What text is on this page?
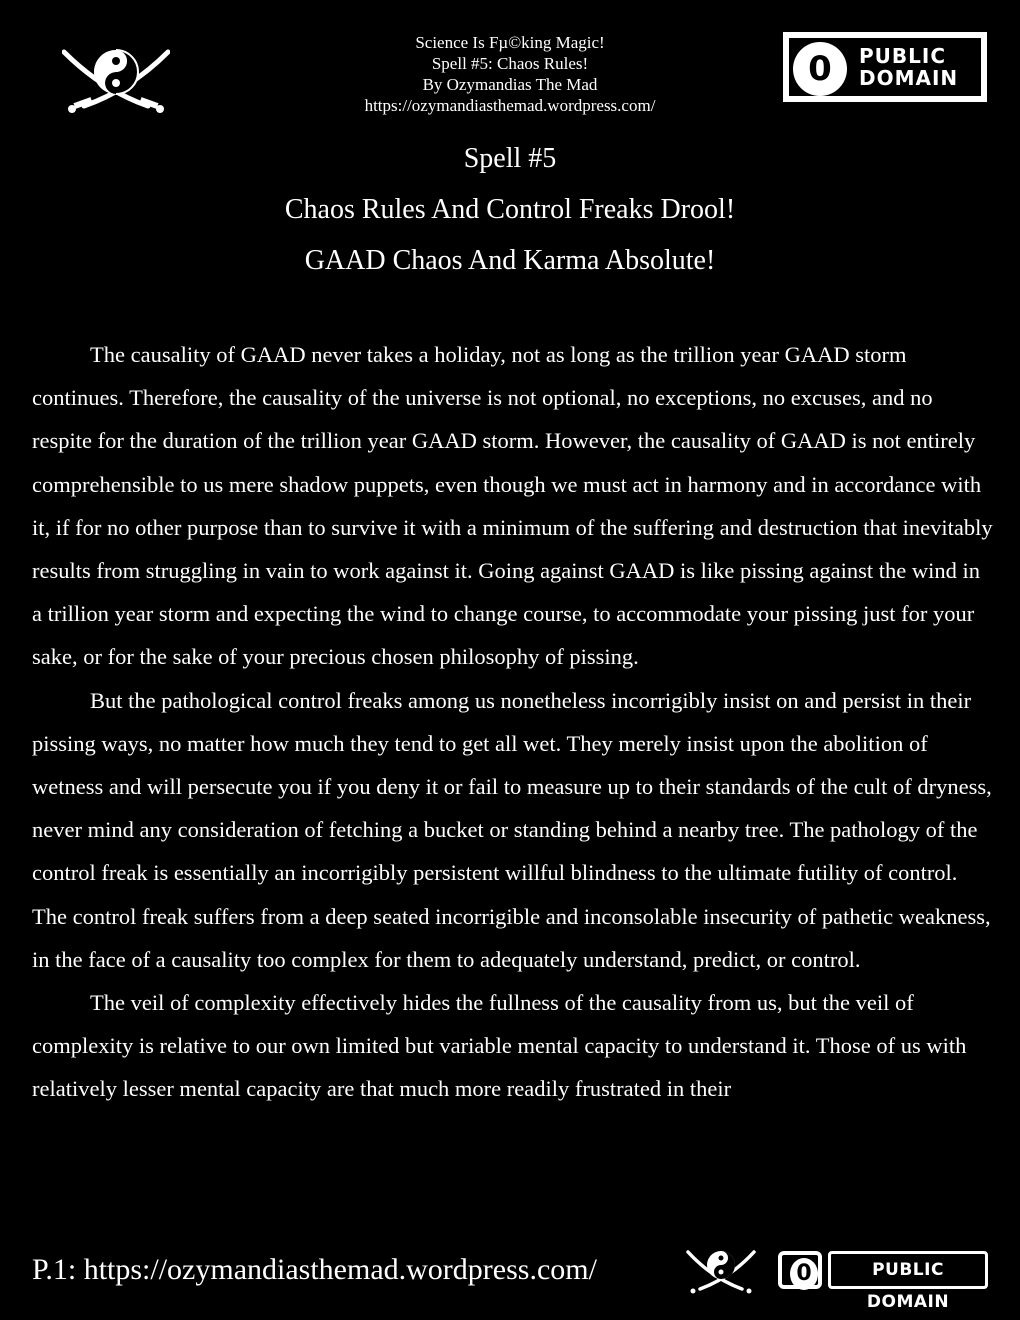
Science Is Fµ©king Magic!
Spell #5: Chaos Rules!
By Ozymandias The Mad
https://ozymandiasthemad.wordpress.com/
0	PUBLIC
DOMAIN
Spell #5
Chaos Rules And Control Freaks Drool!
GAAD Chaos And Karma Absolute!

The causality of GAAD never takes a holiday, not as long as the trillion year GAAD storm continues. Therefore, the causality of the universe is not optional, no exceptions, no excuses, and no respite for the duration of the trillion year GAAD storm. However, the causality of GAAD is not entirely comprehensible to us mere shadow puppets, even though we must act in harmony and in accordance with it, if for no other purpose than to survive it with a minimum of the suffering and destruction that inevitably results from struggling in vain to work against it. Going against GAAD is like pissing against the wind in a trillion year storm and expecting the wind to change course, to accommodate your pissing just for your sake, or for the sake of your precious chosen philosophy of pissing.

But the pathological control freaks among us nonetheless incorrigibly insist on and persist in their pissing ways, no matter how much they tend to get all wet. They merely insist upon the abolition of wetness and will persecute you if you deny it or fail to measure up to their standards of the cult of dryness, never mind any consideration of fetching a bucket or standing behind a nearby tree. The pathology of the control freak is essentially an incorrigibly persistent willful blindness to the ultimate futility of control. The control freak suffers from a deep seated incorrigible and inconsolable insecurity of pathetic weakness, in the face of a causality too complex for them to adequately understand, predict, or control.

The veil of complexity effectively hides the fullness of the causality from us, but the veil of complexity is relative to our own limited but variable mental capacity to understand it. Those of us with relatively lesser mental capacity are that much more readily frustrated in their

P.1: https://ozymandiasthemad.wordpress.com/	0	PUBLIC DOMAIN
